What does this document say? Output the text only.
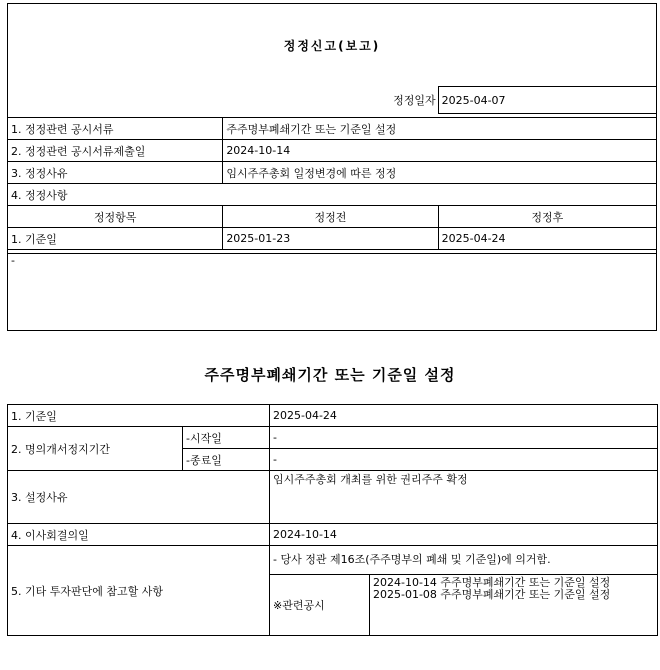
정정신고(보고)		
정정일자		2025-04-07

1. 정정관련 공시서류	주주명부폐쇄기간 또는 기준일 설정	
2. 정정관련 공시서류제출일	2024-10-14	
3. 정정사유	임시주주총회 일정변경에 따른 정정	
4. 정정사항		
정정항목	정정전	정정후
1. 기준일	2025-01-23	2025-04-24

-		
주주명부폐쇄기간 또는 기준일 설정
1. 기준일		2025-04-24	
2. 명의개서정지기간	-시작일	-	
	-종료일	-	
3. 설정사유		임시주주총회 개최를 위한 권리주주 확정	
4. 이사회결의일		2024-10-14	
5. 기타 투자판단에 참고할 사항		- 당사 정관 제16조(주주명부의 폐쇄 및 기준일)에 의거함.	
		※관련공시	2024-10-14 주주명부폐쇄기간 또는 기준일 설정
2025-01-08 주주명부폐쇄기간 또는 기준일 설정
